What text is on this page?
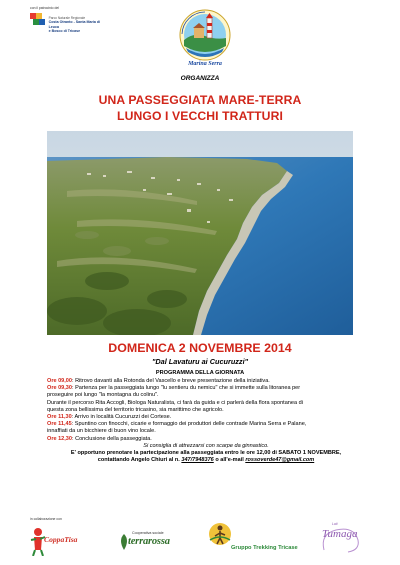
con il patrocinio del
Parco Naturale Regionale
Costa Otranto - Santa Maria di Leuca
e Bosco di Tricase
Marina Serra
ORGANIZZA
UNA PASSEGGIATA MARE-TERRA
LUNGO I VECCHI TRATTURI
DOMENICA 2 NOVEMBRE 2014
"Dal Lavaturu ai Cucuruzzi"
PROGRAMMA DELLA GIORNATA
Ore 09,00: Ritrovo davanti alla Rotonda del Vascello e breve presentazione della iniziativa.
Ore 09,30: Partenza per la passeggiata lungo "lu sentieru du nemicu" che si immette sulla litoranea per
proseguire poi lungo "la montagna du colinu".
Durante il percorso Rita Accogli, Biologa Naturalista, ci farà da guida e ci parlerà della flora spontanea di
questa zona bellissima del territorio tricasino, sia marittimo che agricolo.
Ore 11,30: Arrivo in località Cucuruzzi dei Cortese.
Ore 11,45: Spuntino con finocchi, cicarie e formaggio dei produttori delle contrade Marina Serra e Palane,
innaffiati da un bicchiere di buon vino locale.
Ore 12,30: Conclusione della passeggiata.
Si consiglia di attrezzarsi con scarpe da ginnastico.
E' opportuno prenotare la partecipazione alla passeggiata entro le ore 12,00 di SABATO 1 NOVEMBRE,
contattando Angelo Chiuri al n. 347/7948376 o all'e-mail rossoverde47@gmail.com
in collaborazione con
CoppaTisa
Cooperativa sociale
terrarossa
Gruppo Trekking Tricase
Lati
Tumaga
